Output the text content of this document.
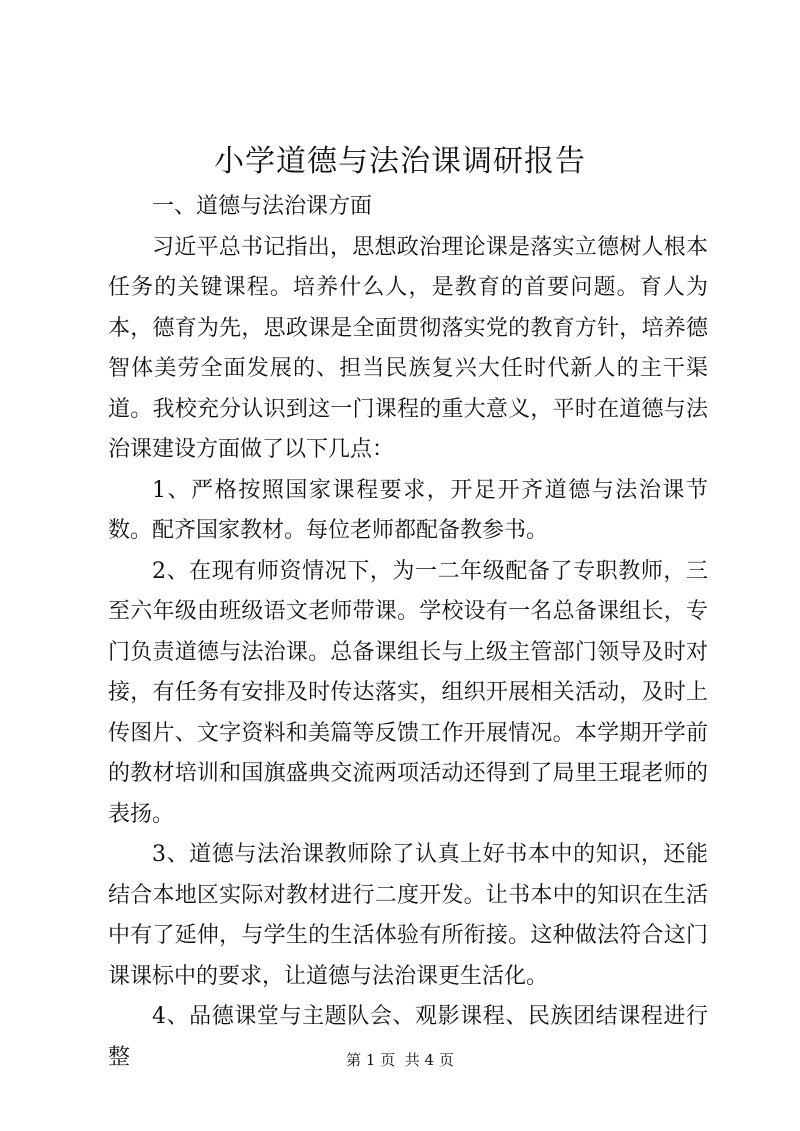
小学道德与法治课调研报告

一、道德与法治课方面

习近平总书记指出，思想政治理论课是落实立德树人根本任务的关键课程。培养什么人，是教育的首要问题。育人为本，德育为先，思政课是全面贯彻落实党的教育方针，培养德智体美劳全面发展的、担当民族复兴大任时代新人的主干渠道。我校充分认识到这一门课程的重大意义，平时在道德与法治课建设方面做了以下几点：

1、严格按照国家课程要求，开足开齐道德与法治课节数。配齐国家教材。每位老师都配备教参书。

2、在现有师资情况下，为一二年级配备了专职教师，三至六年级由班级语文老师带课。学校设有一名总备课组长，专门负责道德与法治课。总备课组长与上级主管部门领导及时对接，有任务有安排及时传达落实，组织开展相关活动，及时上传图片、文字资料和美篇等反馈工作开展情况。本学期开学前的教材培训和国旗盛典交流两项活动还得到了局里王琨老师的表扬。

3、道德与法治课教师除了认真上好书本中的知识，还能结合本地区实际对教材进行二度开发。让书本中的知识在生活中有了延伸，与学生的生活体验有所衔接。这种做法符合这门课课标中的要求，让道德与法治课更生活化。

4、品德课堂与主题队会、观影课程、民族团结课程进行整	第 1 页  共 4 页
